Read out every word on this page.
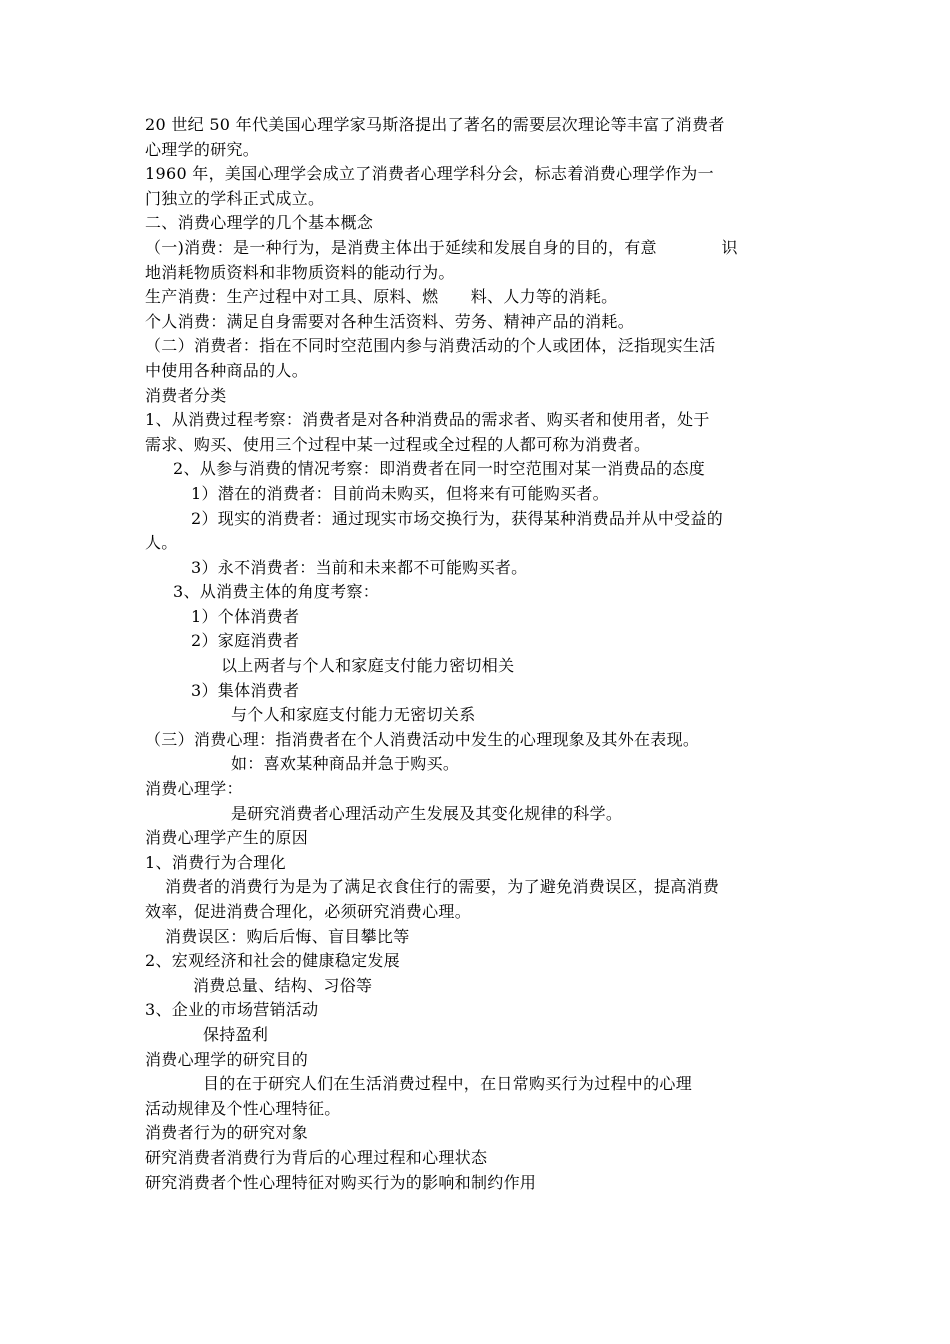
20 世纪 50 年代美国心理学家马斯洛提出了著名的需要层次理论等丰富了消费者

心理学的研究。

1960 年，美国心理学会成立了消费者心理学科分会，标志着消费心理学作为一

门独立的学科正式成立。

二、消费心理学的几个基本概念

（一)消费：是一种行为，是消费主体出于延续和发展自身的目的，有意            识

地消耗物质资料和非物质资料的能动行为。

生产消费：生产过程中对工具、原料、燃      料、人力等的消耗。

个人消费：满足自身需要对各种生活资料、劳务、精神产品的消耗。

（二）消费者：指在不同时空范围内参与消费活动的个人或团体，泛指现实生活

中使用各种商品的人。

消费者分类

1、从消费过程考察：消费者是对各种消费品的需求者、购买者和使用者，处于

需求、购买、使用三个过程中某一过程或全过程的人都可称为消费者。

2、从参与消费的情况考察：即消费者在同一时空范围对某一消费品的态度

1）潜在的消费者：目前尚未购买，但将来有可能购买者。

2）现实的消费者：通过现实市场交换行为，获得某种消费品并从中受益的

人。

3）永不消费者：当前和未来都不可能购买者。

3、从消费主体的角度考察：

1）个体消费者

2）家庭消费者

以上两者与个人和家庭支付能力密切相关

3）集体消费者

与个人和家庭支付能力无密切关系

（三）消费心理：指消费者在个人消费活动中发生的心理现象及其外在表现。

如：喜欢某种商品并急于购买。

消费心理学：

是研究消费者心理活动产生发展及其变化规律的科学。

消费心理学产生的原因

1、消费行为合理化

消费者的消费行为是为了满足衣食住行的需要，为了避免消费误区，提高消费

效率，促进消费合理化，必须研究消费心理。

消费误区：购后后悔、盲目攀比等

2、宏观经济和社会的健康稳定发展

消费总量、结构、习俗等

3、企业的市场营销活动

保持盈利

消费心理学的研究目的

目的在于研究人们在生活消费过程中，在日常购买行为过程中的心理

活动规律及个性心理特征。

消费者行为的研究对象

研究消费者消费行为背后的心理过程和心理状态

研究消费者个性心理特征对购买行为的影响和制约作用
